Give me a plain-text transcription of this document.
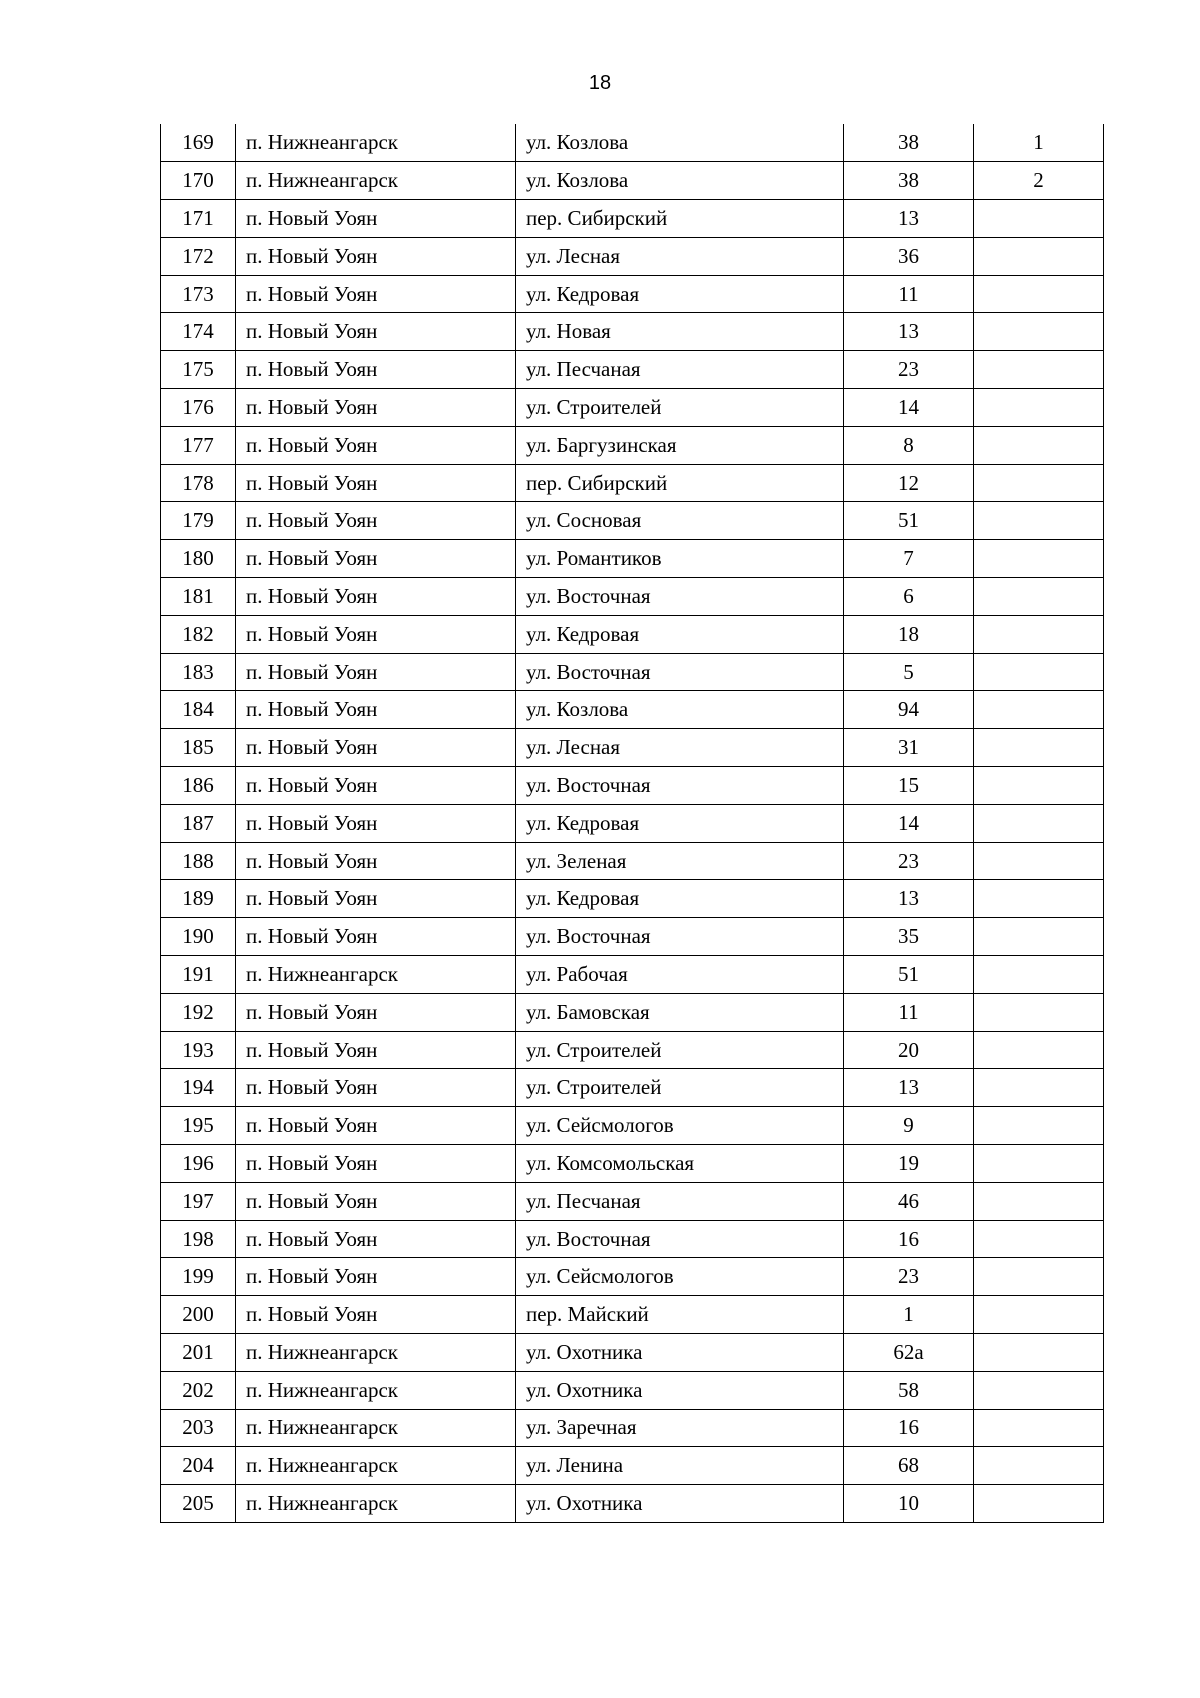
18
169	п. Нижнеангарск	ул. Козлова	38	1
170	п. Нижнеангарск	ул. Козлова	38	2
171	п. Новый Уоян	пер. Сибирский	13	
172	п. Новый Уоян	ул. Лесная	36	
173	п. Новый Уоян	ул. Кедровая	11	
174	п. Новый Уоян	ул. Новая	13	
175	п. Новый Уоян	ул. Песчаная	23	
176	п. Новый Уоян	ул. Строителей	14	
177	п. Новый Уоян	ул. Баргузинская	8	
178	п. Новый Уоян	пер. Сибирский	12	
179	п. Новый Уоян	ул. Сосновая	51	
180	п. Новый Уоян	ул. Романтиков	7	
181	п. Новый Уоян	ул. Восточная	6	
182	п. Новый Уоян	ул. Кедровая	18	
183	п. Новый Уоян	ул. Восточная	5	
184	п. Новый Уоян	ул. Козлова	94	
185	п. Новый Уоян	ул. Лесная	31	
186	п. Новый Уоян	ул. Восточная	15	
187	п. Новый Уоян	ул. Кедровая	14	
188	п. Новый Уоян	ул. Зеленая	23	
189	п. Новый Уоян	ул. Кедровая	13	
190	п. Новый Уоян	ул. Восточная	35	
191	п. Нижнеангарск	ул. Рабочая	51	
192	п. Новый Уоян	ул. Бамовская	11	
193	п. Новый Уоян	ул. Строителей	20	
194	п. Новый Уоян	ул. Строителей	13	
195	п. Новый Уоян	ул. Сейсмологов	9	
196	п. Новый Уоян	ул. Комсомольская	19	
197	п. Новый Уоян	ул. Песчаная	46	
198	п. Новый Уоян	ул. Восточная	16	
199	п. Новый Уоян	ул. Сейсмологов	23	
200	п. Новый Уоян	пер. Майский	1	
201	п. Нижнеангарск	ул. Охотника	62а	
202	п. Нижнеангарск	ул. Охотника	58	
203	п. Нижнеангарск	ул. Заречная	16	
204	п. Нижнеангарск	ул. Ленина	68	
205	п. Нижнеангарск	ул. Охотника	10	
